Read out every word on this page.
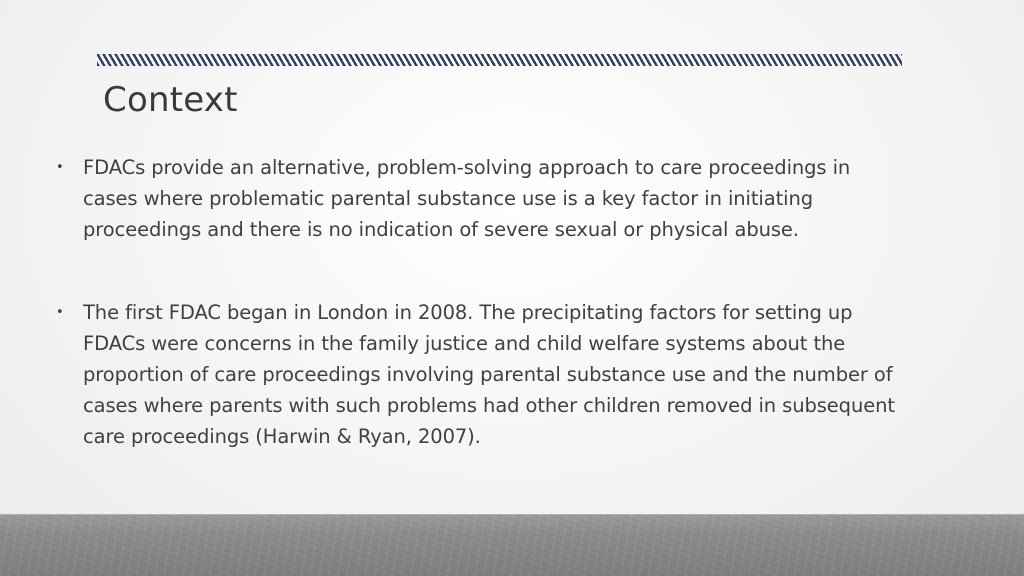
Context
• FDACs provide an alternative, problem-solving approach to care proceedings in cases where problematic parental substance use is a key factor in initiating proceedings and there is no indication of severe sexual or physical abuse.
• The first FDAC began in London in 2008. The precipitating factors for setting up FDACs were concerns in the family justice and child welfare systems about the proportion of care proceedings involving parental substance use and the number of cases where parents with such problems had other children removed in subsequent care proceedings (Harwin & Ryan, 2007).
